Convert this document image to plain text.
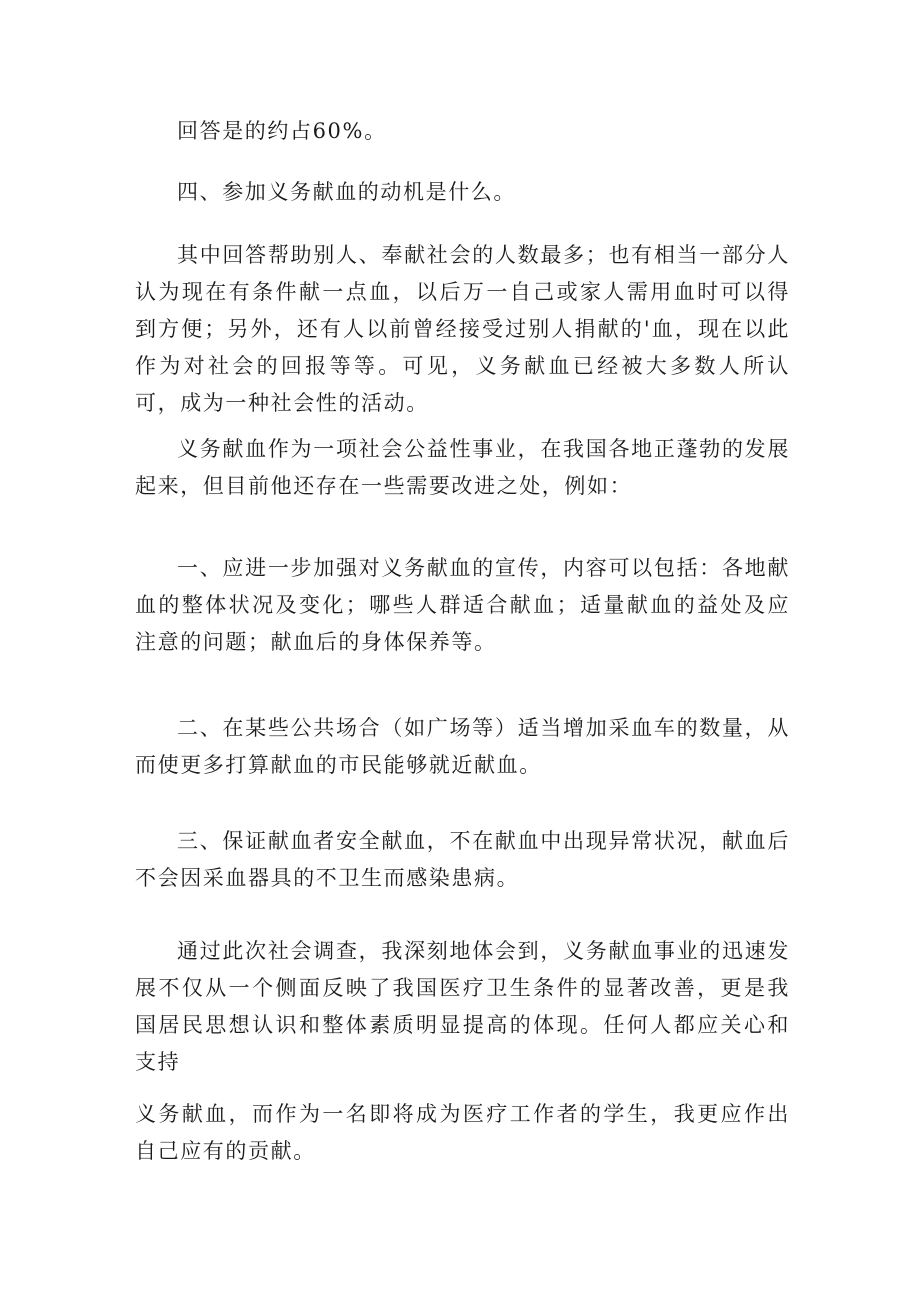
回答是的约占60%。

四、参加义务献血的动机是什么。

其中回答帮助别人、奉献社会的人数最多；也有相当一部分人认为现在有条件献一点血，以后万一自己或家人需用血时可以得到方便；另外，还有人以前曾经接受过别人捐献的'血，现在以此作为对社会的回报等等。可见，义务献血已经被大多数人所认可，成为一种社会性的活动。

义务献血作为一项社会公益性事业，在我国各地正蓬勃的发展起来，但目前他还存在一些需要改进之处，例如：

一、应进一步加强对义务献血的宣传，内容可以包括：各地献血的整体状况及变化；哪些人群适合献血；适量献血的益处及应注意的问题；献血后的身体保养等。

二、在某些公共场合（如广场等）适当增加采血车的数量，从而使更多打算献血的市民能够就近献血。

三、保证献血者安全献血，不在献血中出现异常状况，献血后不会因采血器具的不卫生而感染患病。

通过此次社会调查，我深刻地体会到，义务献血事业的迅速发展不仅从一个侧面反映了我国医疗卫生条件的显著改善，更是我国居民思想认识和整体素质明显提高的体现。任何人都应关心和支持

义务献血，而作为一名即将成为医疗工作者的学生，我更应作出自己应有的贡献。
